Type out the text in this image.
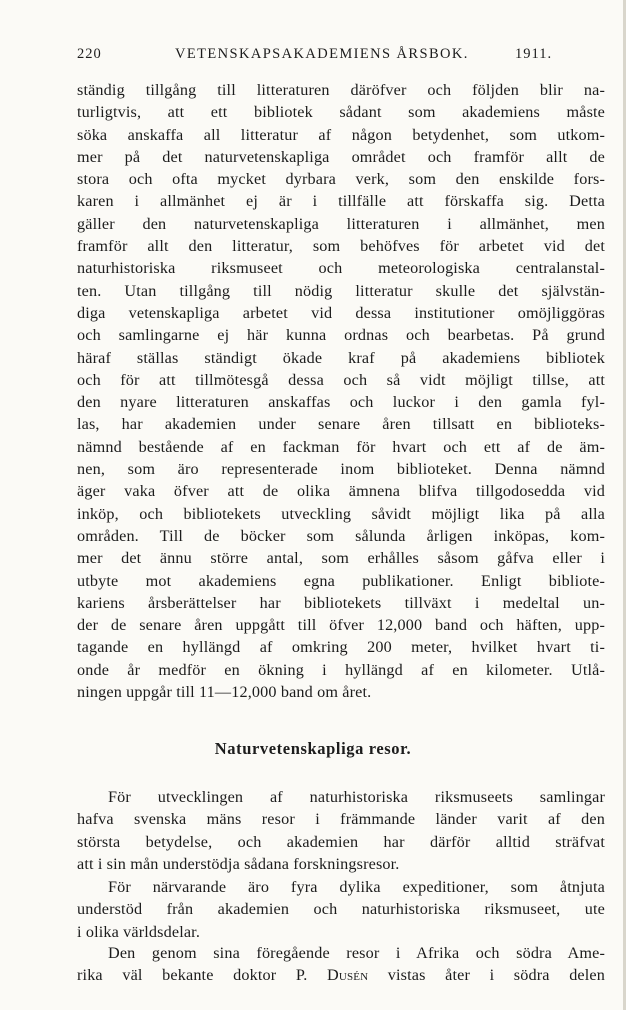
220	VETENSKAPSAKADEMIENS ÅRSBOK.	1911.
ständig tillgång till litteraturen däröfver och följden blir na-
turligtvis, att ett bibliotek sådant som akademiens måste
söka anskaffa all litteratur af någon betydenhet, som utkom-
mer på det naturvetenskapliga området och framför allt de
stora och ofta mycket dyrbara verk, som den enskilde fors-
karen i allmänhet ej är i tillfälle att förskaffa sig. Detta
gäller den naturvetenskapliga litteraturen i allmänhet, men
framför allt den litteratur, som behöfves för arbetet vid det
naturhistoriska riksmuseet och meteorologiska centralanstal-
ten. Utan tillgång till nödig litteratur skulle det självstän-
diga vetenskapliga arbetet vid dessa institutioner omöjliggöras
och samlingarne ej här kunna ordnas och bearbetas. På grund
häraf ställas ständigt ökade kraf på akademiens bibliotek
och för att tillmötesgå dessa och så vidt möjligt tillse, att
den nyare litteraturen anskaffas och luckor i den gamla fyl-
las, har akademien under senare åren tillsatt en biblioteks-
nämnd bestående af en fackman för hvart och ett af de äm-
nen, som äro representerade inom biblioteket. Denna nämnd
äger vaka öfver att de olika ämnena blifva tillgodosedda vid
inköp, och bibliotekets utveckling såvidt möjligt lika på alla
områden. Till de böcker som sålunda årligen inköpas, kom-
mer det ännu större antal, som erhålles såsom gåfva eller i
utbyte mot akademiens egna publikationer. Enligt bibliote-
kariens årsberättelser har bibliotekets tillväxt i medeltal un-
der de senare åren uppgått till öfver 12,000 band och häften, upp-
tagande en hyllängd af omkring 200 meter, hvilket hvart ti-
onde år medför en ökning i hyllängd af en kilometer. Utlå-
ningen uppgår till 11—12,000 band om året.
Naturvetenskapliga resor.
För utvecklingen af naturhistoriska riksmuseets samlingar
hafva svenska mäns resor i främmande länder varit af den
största betydelse, och akademien har därför alltid sträfvat
att i sin mån understödja sådana forskningsresor.
För närvarande äro fyra dylika expeditioner, som åtnjuta
understöd från akademien och naturhistoriska riksmuseet, ute
i olika världsdelar.
Den genom sina föregående resor i Afrika och södra Ame-
rika väl bekante doktor P. Dusén vistas åter i södra delen
